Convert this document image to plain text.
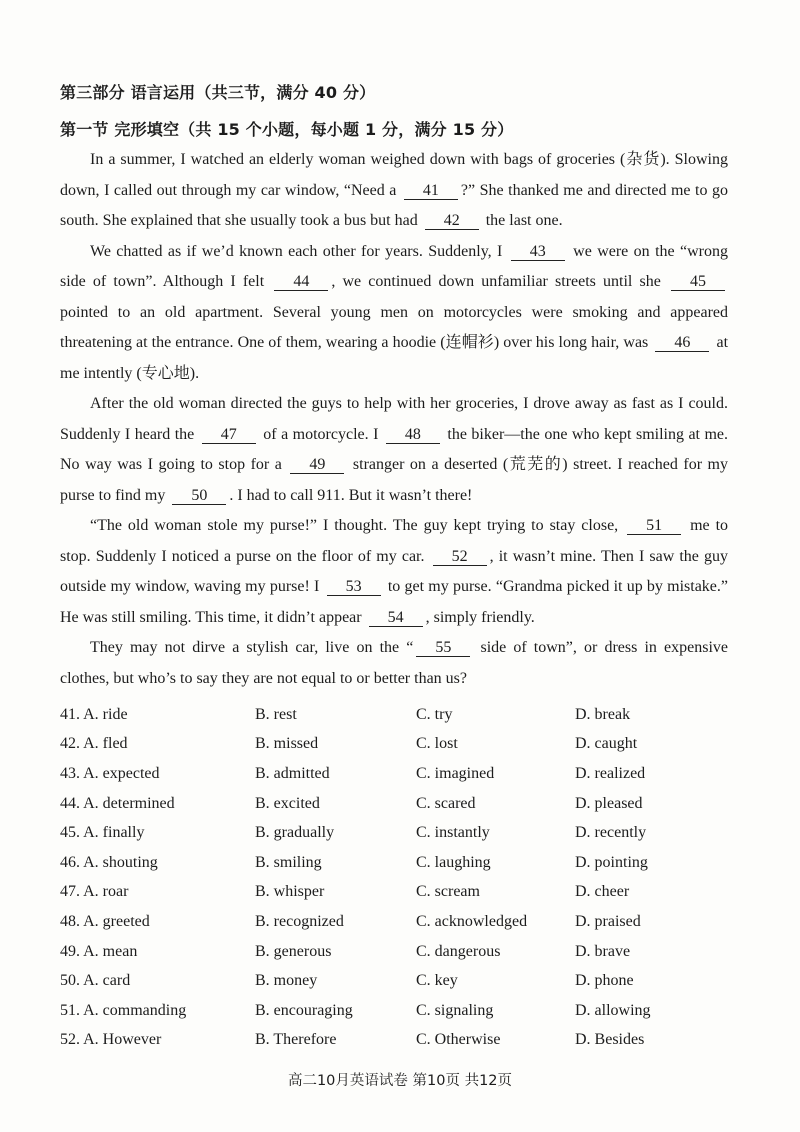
第三部分 语言运用（共三节，满分 40 分）
第一节 完形填空（共 15 个小题，每小题 1 分，满分 15 分）

In a summer, I watched an elderly woman weighed down with bags of groceries (杂货). Slowing down, I called out through my car window, “Need a 41 ?” She thanked me and directed me to go south. She explained that she usually took a bus but had 42 the last one.

We chatted as if we’d known each other for years. Suddenly, I 43 we were on the “wrong side of town”. Although I felt 44 , we continued down unfamiliar streets until she 45 pointed to an old apartment. Several young men on motorcycles were smoking and appeared threatening at the entrance. One of them, wearing a hoodie (连帽衫) over his long hair, was 46 at me intently (专心地).

After the old woman directed the guys to help with her groceries, I drove away as fast as I could. Suddenly I heard the 47 of a motorcycle. I 48 the biker—the one who kept smiling at me. No way was I going to stop for a 49 stranger on a deserted (荒芜的) street. I reached for my purse to find my 50 . I had to call 911. But it wasn’t there!

“The old woman stole my purse!” I thought. The guy kept trying to stay close, 51 me to stop. Suddenly I noticed a purse on the floor of my car. 52 , it wasn’t mine. Then I saw the guy outside my window, waving my purse! I 53 to get my purse. “Grandma picked it up by mistake.” He was still smiling. This time, it didn’t appear 54 , simply friendly.

They may not dirve a stylish car, live on the “ 55 side of town”, or dress in expensive clothes, but who’s to say they are not equal to or better than us?

41. A. ride	B. rest	C. try	D. break
42. A. fled	B. missed	C. lost	D. caught
43. A. expected	B. admitted	C. imagined	D. realized
44. A. determined	B. excited	C. scared	D. pleased
45. A. finally	B. gradually	C. instantly	D. recently
46. A. shouting	B. smiling	C. laughing	D. pointing
47. A. roar	B. whisper	C. scream	D. cheer
48. A. greeted	B. recognized	C. acknowledged	D. praised
49. A. mean	B. generous	C. dangerous	D. brave
50. A. card	B. money	C. key	D. phone
51. A. commanding	B. encouraging	C. signaling	D. allowing
52. A. However	B. Therefore	C. Otherwise	D. Besides
高二10月英语试卷 第10页 共12页
